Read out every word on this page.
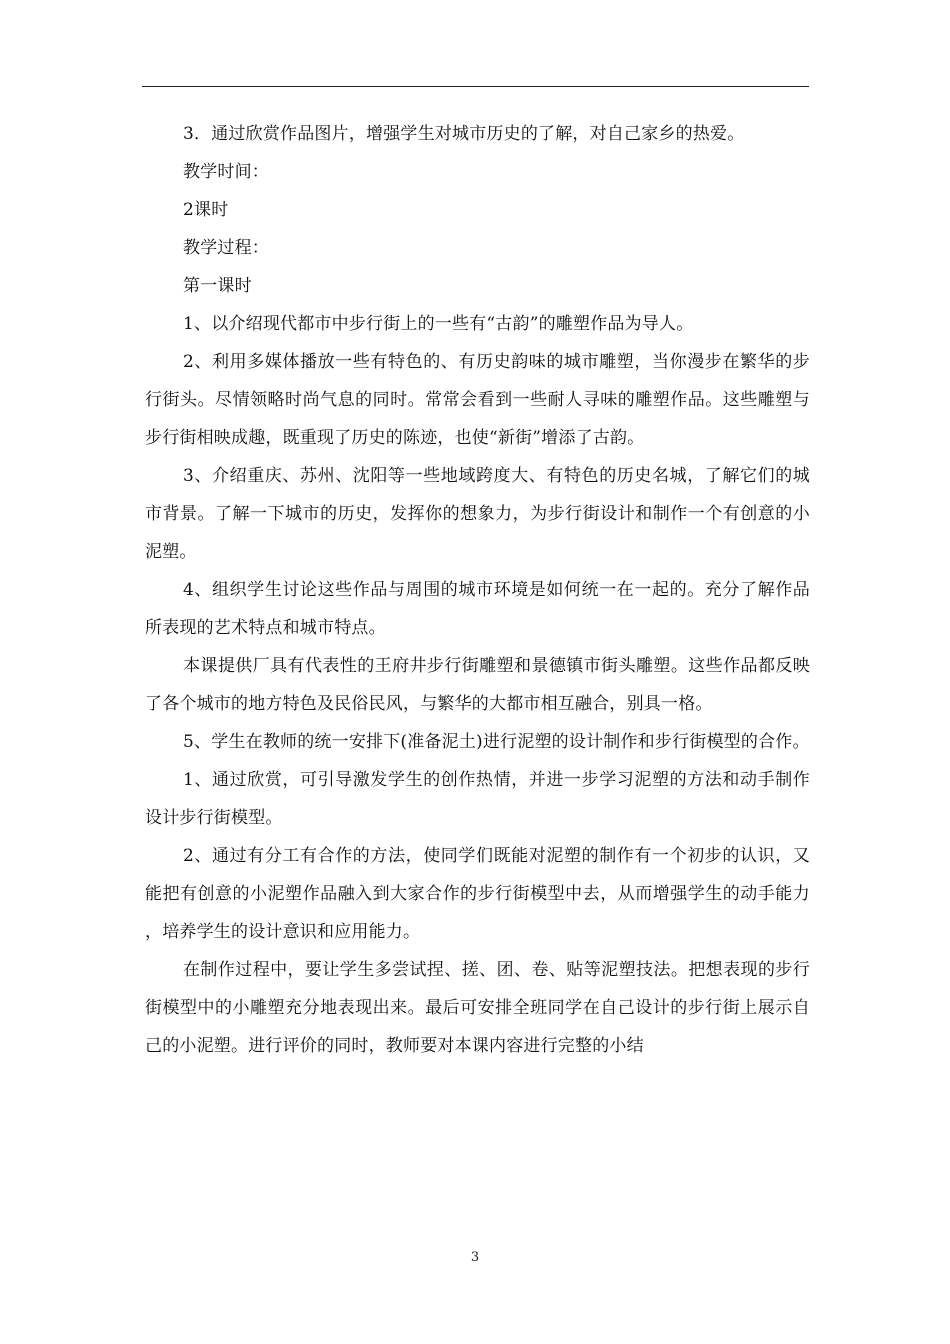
3．通过欣赏作品图片，增强学生对城市历史的了解，对自己家乡的热爱。

教学时间：

2课时

教学过程：

第一课时

1、以介绍现代都市中步行街上的一些有“古韵”的雕塑作品为导人。

2、利用多媒体播放一些有特色的、有历史韵味的城市雕塑，当你漫步在繁华的步行街头。尽情领略时尚气息的同时。常常会看到一些耐人寻味的雕塑作品。这些雕塑与步行街相映成趣，既重现了历史的陈迹，也使“新街”增添了古韵。

3、介绍重庆、苏州、沈阳等一些地域跨度大、有特色的历史名城，了解它们的城市背景。了解一下城市的历史，发挥你的想象力，为步行街设计和制作一个有创意的小泥塑。

4、组织学生讨论这些作品与周围的城市环境是如何统一在一起的。充分了解作品所表现的艺术特点和城市特点。

本课提供厂具有代表性的王府井步行街雕塑和景德镇市街头雕塑。这些作品都反映了各个城市的地方特色及民俗民风，与繁华的大都市相互融合，别具一格。

5、学生在教师的统一安排下(准备泥土)进行泥塑的设计制作和步行街模型的合作。

1、通过欣赏，可引导激发学生的创作热情，并进一步学习泥塑的方法和动手制作设计步行街模型。

2、通过有分工有合作的方法，使同学们既能对泥塑的制作有一个初步的认识，又能把有创意的小泥塑作品融入到大家合作的步行街模型中去，从而增强学生的动手能力，培养学生的设计意识和应用能力。

在制作过程中，要让学生多尝试捏、搓、团、卷、贴等泥塑技法。把想表现的步行街模型中的小雕塑充分地表现出来。最后可安排全班同学在自己设计的步行街上展示自己的小泥塑。进行评价的同时，教师要对本课内容进行完整的小结

3
